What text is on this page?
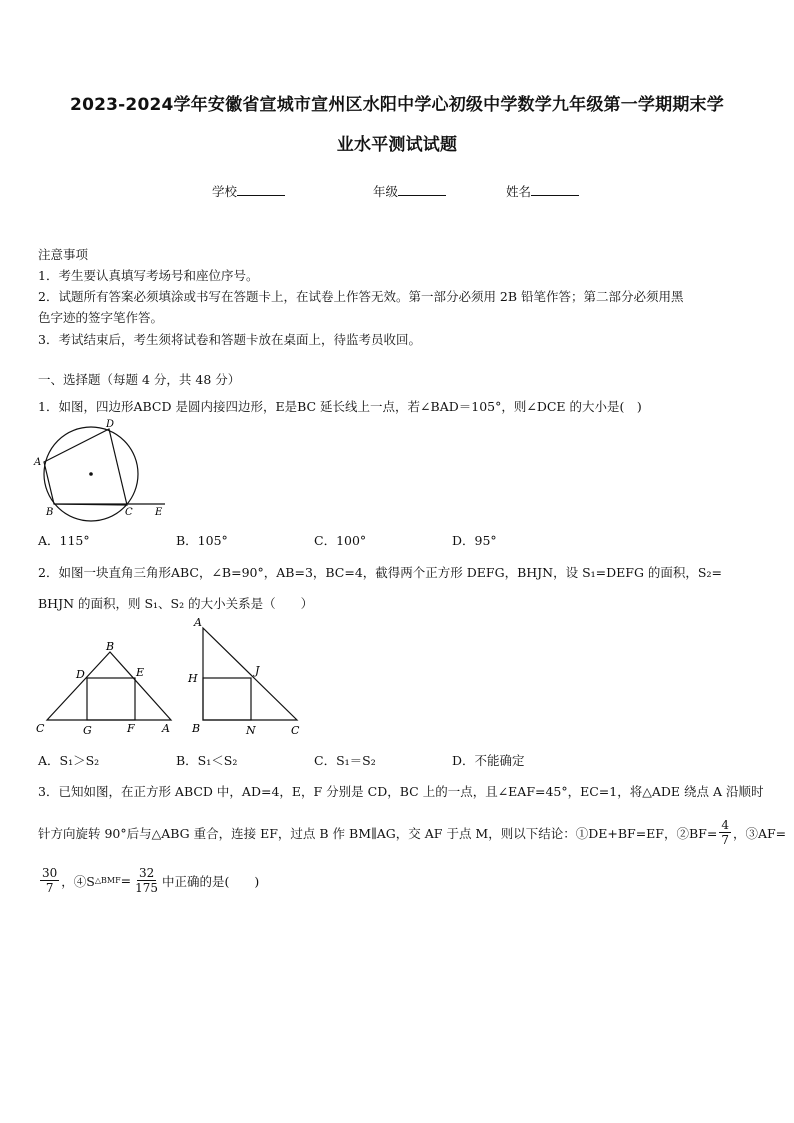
2023-2024学年安徽省宣城市宣州区水阳中学心初级中学数学九年级第一学期期末学
业水平测试试题
学校	年级	姓名
注意事项
1．考生要认真填写考场号和座位序号。
2．试题所有答案必须填涂或书写在答题卡上，在试卷上作答无效。第一部分必须用 2B 铅笔作答；第二部分必须用黑
色字迹的签字笔作答。
3．考试结束后，考生须将试卷和答题卡放在桌面上，待监考员收回。
一、选择题（每题 4 分，共 48 分）
1．如图，四边形ABCD 是圆内接四边形，E是BC 延长线上一点，若∠BAD＝105°，则∠DCE 的大小是(　)
D
A
B	C E
A．115°	B．105°	C．100°	D．95°
2．如图一块直角三角形ABC，∠B=90°，AB=3，BC=4，截得两个正方形 DEFG，BHJN，设 S₁=DEFG 的面积，S₂=
BHJN 的面积，则 S₁、S₂ 的大小关系是（　　）
B
D	E
C	G	F A
A
H
J
B	N	C
A．S₁＞S₂	B．S₁＜S₂	C．S₁＝S₂	D．不能确定
3．已知如图，在正方形 ABCD 中，AD=4，E，F 分别是 CD，BC 上的一点，且∠EAF=45°，EC=1，将△ADE 绕点 A 沿顺时
针方向旋转 90°后与△ABG 重合，连接 EF，过点 B 作 BM∥AG，交 AF 于点 M，则以下结论：①DE+BF=EF，②BF= $\frac{4}{7}$ ，③AF=
$\frac{30}{7}$ ，④S △BMF = $\frac{32}{175}$ 中正确的是(　　)
